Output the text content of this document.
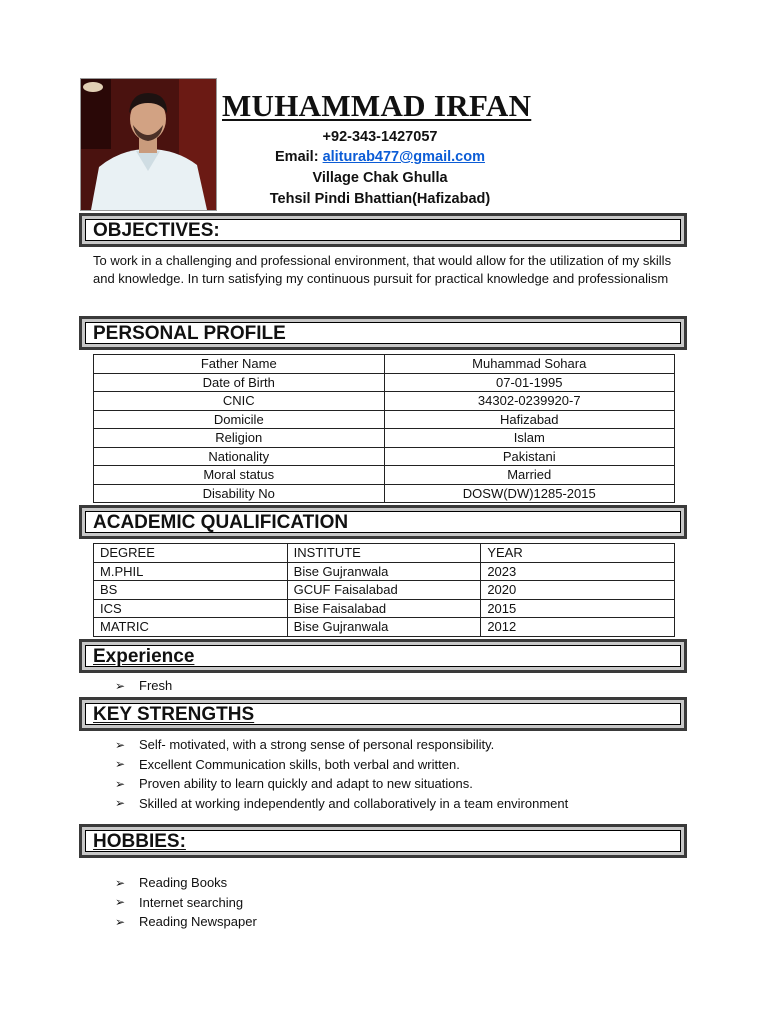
MUHAMMAD IRFAN
+92-343-1427057
Email: aliturab477@gmail.com
Village Chak Ghulla
Tehsil Pindi Bhattian(Hafizabad)
OBJECTIVES:
To work in a challenging and professional environment, that would allow for the utilization of my skills and knowledge. In turn satisfying my continuous pursuit for practical knowledge and professionalism
PERSONAL PROFILE
Father Name	Muhammad Sohara
Date of Birth	07-01-1995
CNIC	34302-0239920-7
Domicile	Hafizabad
Religion	Islam
Nationality	Pakistani
Moral status	Married
Disability No	DOSW(DW)1285-2015
ACADEMIC QUALIFICATION
DEGREE	INSTITUTE	YEAR
M.PHIL	Bise Gujranwala	2023
BS	GCUF Faisalabad	2020
ICS	Bise Faisalabad	2015
MATRIC	Bise Gujranwala	2012
Experience
➢	Fresh
KEY STRENGTHS
➢	Self- motivated, with a strong sense of personal responsibility.
➢	Excellent Communication skills, both verbal and written.
➢	Proven ability to learn quickly and adapt to new situations.
➢	Skilled at working independently and collaboratively in a team environment
HOBBIES:
➢	Reading Books
➢	Internet searching
➢	Reading Newspaper
